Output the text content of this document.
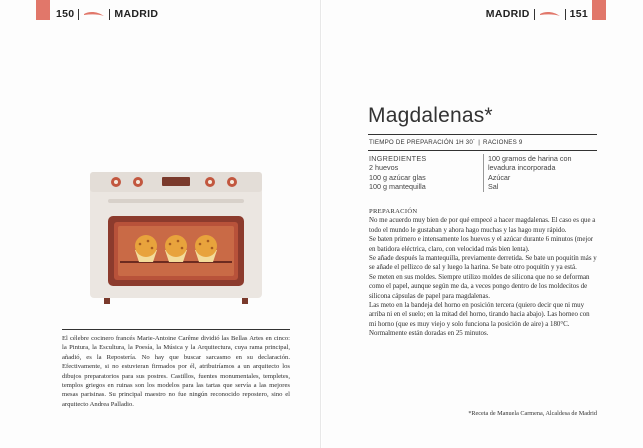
150	MADRID

El célebre cocinero francés Marie-Antoine Carême dividió las Bellas Artes en cinco: la Pintura, la Escultura, la Poesía, la Música y la Arquitectura, cuya rama principal, añadió, es la Repostería. No hay que buscar sarcasmo en su declaración. Efectivamente, si no estuvieran firmados por él, atribuiríamos a un arquitecto los dibujos preparatorios para sus postres. Castillos, fuentes monumentales, templetes, templos griegos en ruinas son los modelos para las tartas que servía a las mejores mesas parisinas. Su principal maestro no fue ningún reconocido repostero, sino el arquitecto Andrea Palladio.

MADRID	151
Magdalenas*
TIEMPO DE PREPARACIÓN 1H 30´ | RACIONES 9
INGREDIENTES
2 huevos
100 g azúcar glas
100 g mantequilla
100 gramos de harina con
levadura incorporada
Azúcar
Sal
PREPARACIÓN

No me acuerdo muy bien de por qué empecé a hacer magdalenas. El caso es que a todo el mundo le gustaban y ahora hago muchas y las hago muy rápido.

Se baten primero e intensamente los huevos y el azúcar durante 6 minutos (mejor en batidora eléctrica, claro, con velocidad más bien lenta).

Se añade después la mantequilla, previamente derretida. Se bate un poquitín más y se añade el pellizco de sal y luego la harina. Se bate otro poquitín y ya está.

Se meten en sus moldes. Siempre utilizo moldes de silicona que no se deforman como el papel, aunque según me da, a veces pongo dentro de los moldecitos de silicona cápsulas de papel para magdalenas.

Las meto en la bandeja del horno en posición tercera (quiero decir que ni muy arriba ni en el suelo; en la mitad del horno, tirando hacia abajo). Las horneo con mi horno (que es muy viejo y solo funciona la posición de aire) a 180°C.

Normalmente están doradas en 25 minutos.

*Receta de Manuela Carmena, Alcaldesa de Madrid
